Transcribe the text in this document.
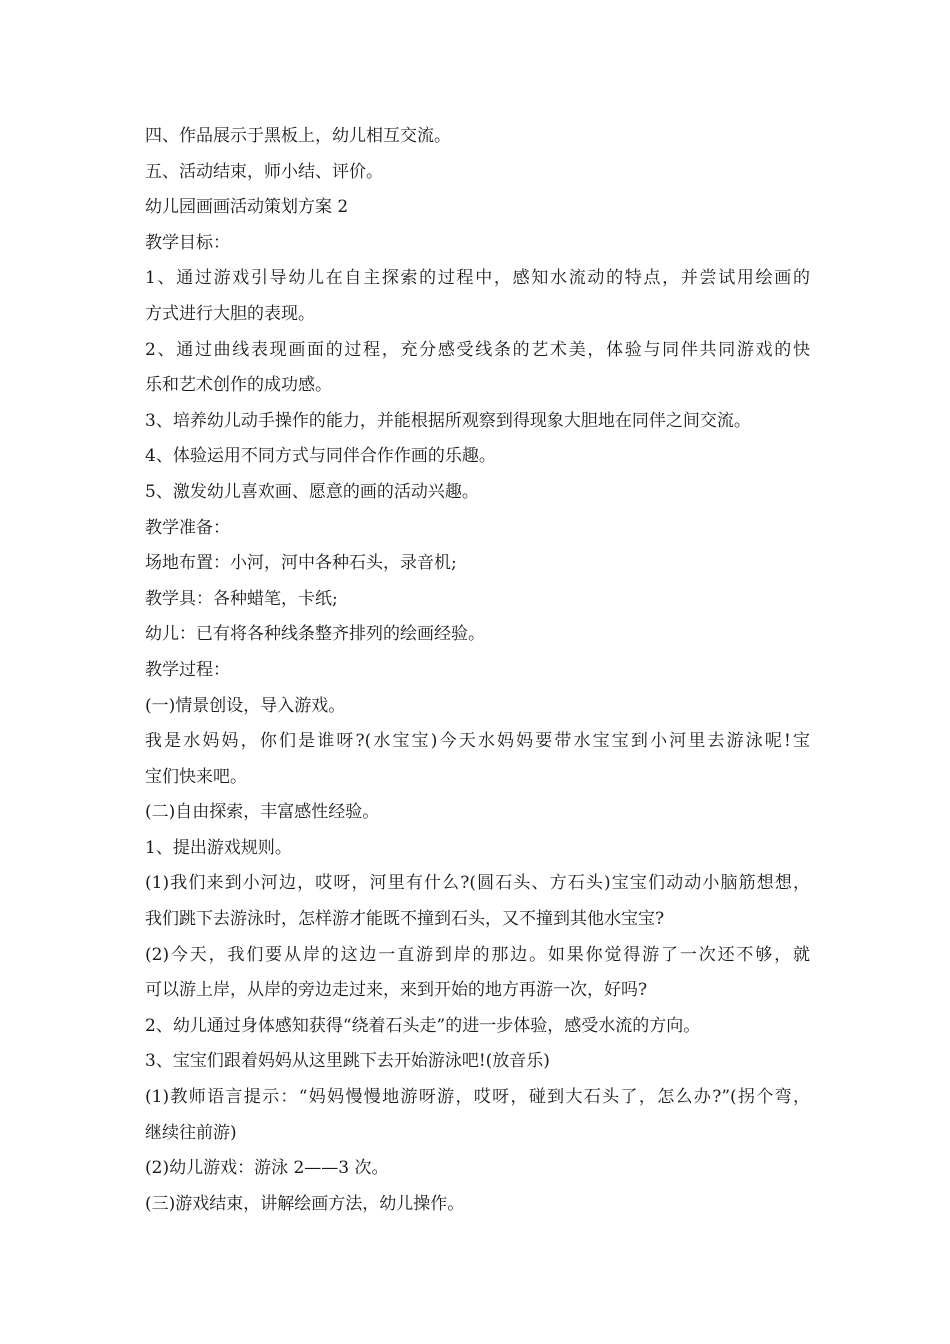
四、作品展示于黑板上，幼儿相互交流。
五、活动结束，师小结、评价。
幼儿园画画活动策划方案 2
教学目标：
1、通过游戏引导幼儿在自主探索的过程中，感知水流动的特点，并尝试用绘画的
方式进行大胆的表现。
2、通过曲线表现画面的过程，充分感受线条的艺术美，体验与同伴共同游戏的快
乐和艺术创作的成功感。
3、培养幼儿动手操作的能力，并能根据所观察到得现象大胆地在同伴之间交流。
4、体验运用不同方式与同伴合作作画的乐趣。
5、激发幼儿喜欢画、愿意的画的活动兴趣。
教学准备：
场地布置：小河，河中各种石头，录音机;
教学具：各种蜡笔，卡纸;
幼儿：已有将各种线条整齐排列的绘画经验。
教学过程：
(一)情景创设，导入游戏。
我是水妈妈，你们是谁呀?(水宝宝)今天水妈妈要带水宝宝到小河里去游泳呢!宝
宝们快来吧。
(二)自由探索，丰富感性经验。
1、提出游戏规则。
(1)我们来到小河边，哎呀，河里有什么?(圆石头、方石头)宝宝们动动小脑筋想想，
我们跳下去游泳时，怎样游才能既不撞到石头，又不撞到其他水宝宝?
(2)今天，我们要从岸的这边一直游到岸的那边。如果你觉得游了一次还不够，就
可以游上岸，从岸的旁边走过来，来到开始的地方再游一次，好吗?
2、幼儿通过身体感知获得“绕着石头走”的进一步体验，感受水流的方向。
3、宝宝们跟着妈妈从这里跳下去开始游泳吧!(放音乐)
(1)教师语言提示：“妈妈慢慢地游呀游，哎呀，碰到大石头了，怎么办?”(拐个弯，
继续往前游)
(2)幼儿游戏：游泳 2——3 次。
(三)游戏结束，讲解绘画方法，幼儿操作。
